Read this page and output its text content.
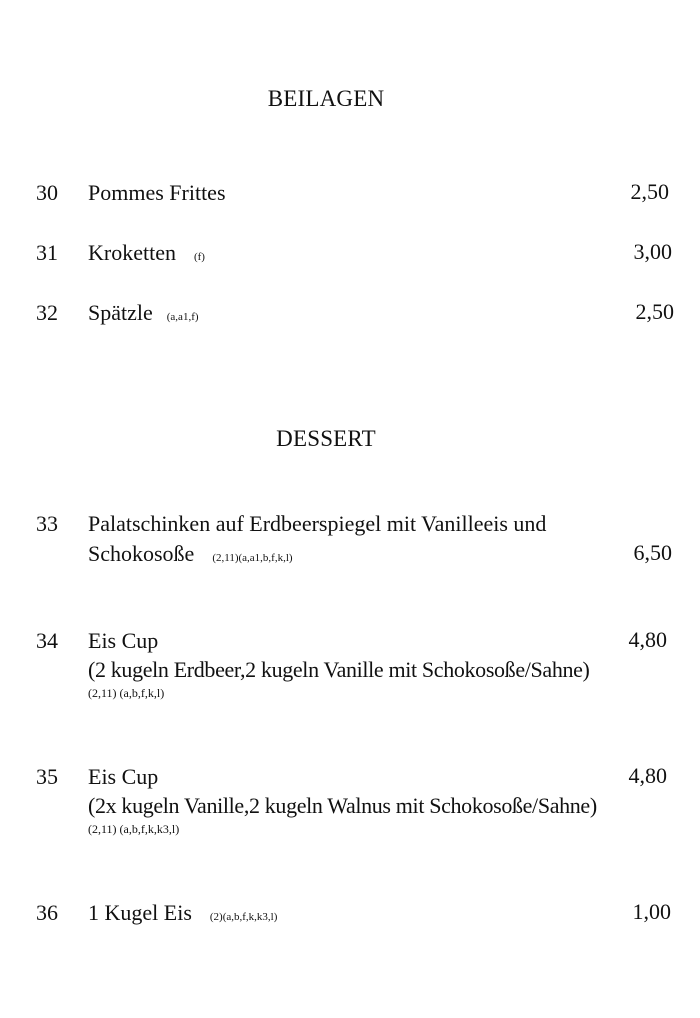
BEILAGEN
30 Pommes Frittes	2,50
31 Kroketten (f)	3,00
32 Spätzle (a,a1,f)	2,50
DESSERT
33 Palatschinken auf Erdbeerspiegel mit Vanilleeis und
Schokosoße (2,11)(a,a1,b,f,k,l)	6,50
34 Eis Cup	4,80
(2 kugeln Erdbeer,2 kugeln Vanille mit Schokosoße/Sahne)
(2,11) (a,b,f,k,l)
35 Eis Cup	4,80
(2x kugeln Vanille,2 kugeln Walnus mit Schokosoße/Sahne)
(2,11) (a,b,f,k,k3,l)
36 1 Kugel Eis (2)(a,b,f,k,k3,l)	1,00
